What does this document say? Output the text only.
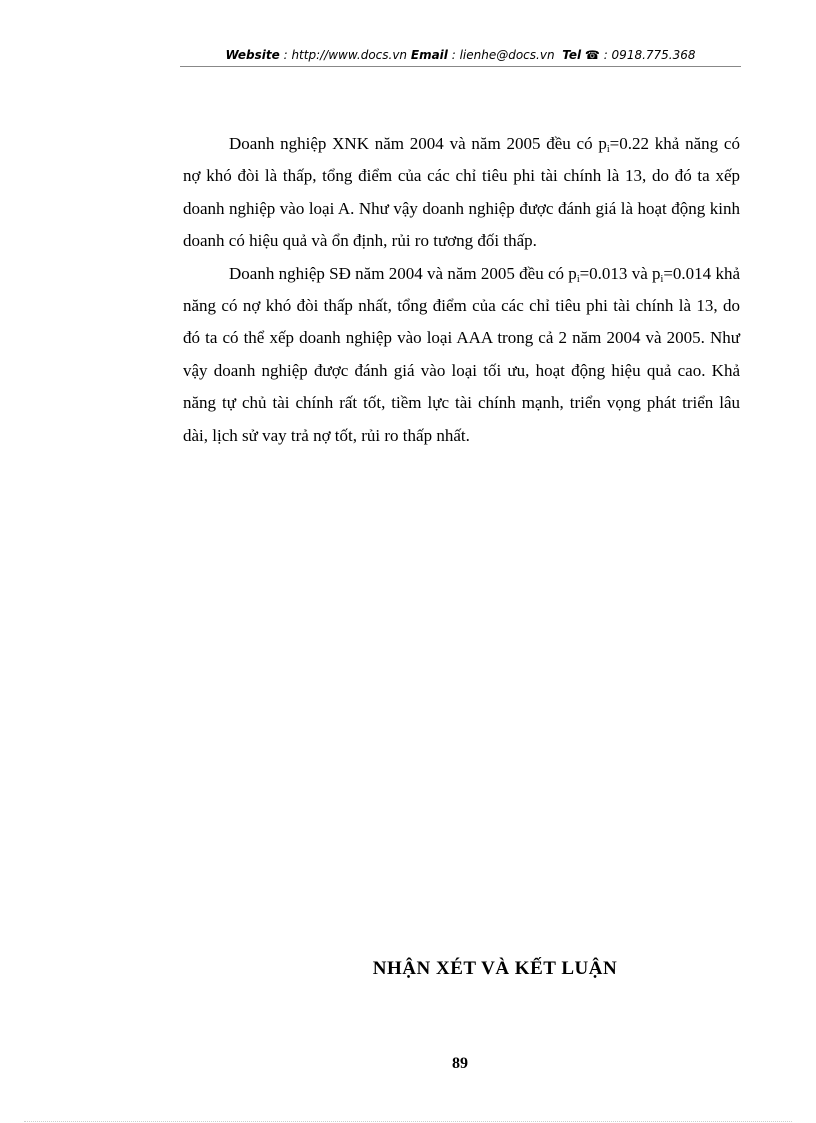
Website : http://www.docs.vn Email : lienhe@docs.vn Tel ☎ : 0918.775.368

Doanh nghiệp XNK năm 2004 và năm 2005 đều có $p_i=0.22$ khả năng có nợ khó đòi là thấp, tổng điểm của các chỉ tiêu phi tài chính là 13, do đó ta xếp doanh nghiệp vào loại A. Như vậy doanh nghiệp được đánh giá là hoạt động kinh doanh có hiệu quả và ổn định, rủi ro tương đối thấp.

Doanh nghiệp SĐ năm 2004 và năm 2005 đều có $p_i=0.013$ và $p_i=0.014$ khả năng có nợ khó đòi thấp nhất, tổng điểm của các chỉ tiêu phi tài chính là 13, do đó ta có thể xếp doanh nghiệp vào loại AAA trong cả 2 năm 2004 và 2005. Như vậy doanh nghiệp được đánh giá vào loại tối ưu, hoạt động hiệu quả cao. Khả năng tự chủ tài chính rất tốt, tiềm lực tài chính mạnh, triển vọng phát triển lâu dài, lịch sử vay trả nợ tốt, rủi ro thấp nhất.

NHẬN XÉT VÀ KẾT LUẬN
89
